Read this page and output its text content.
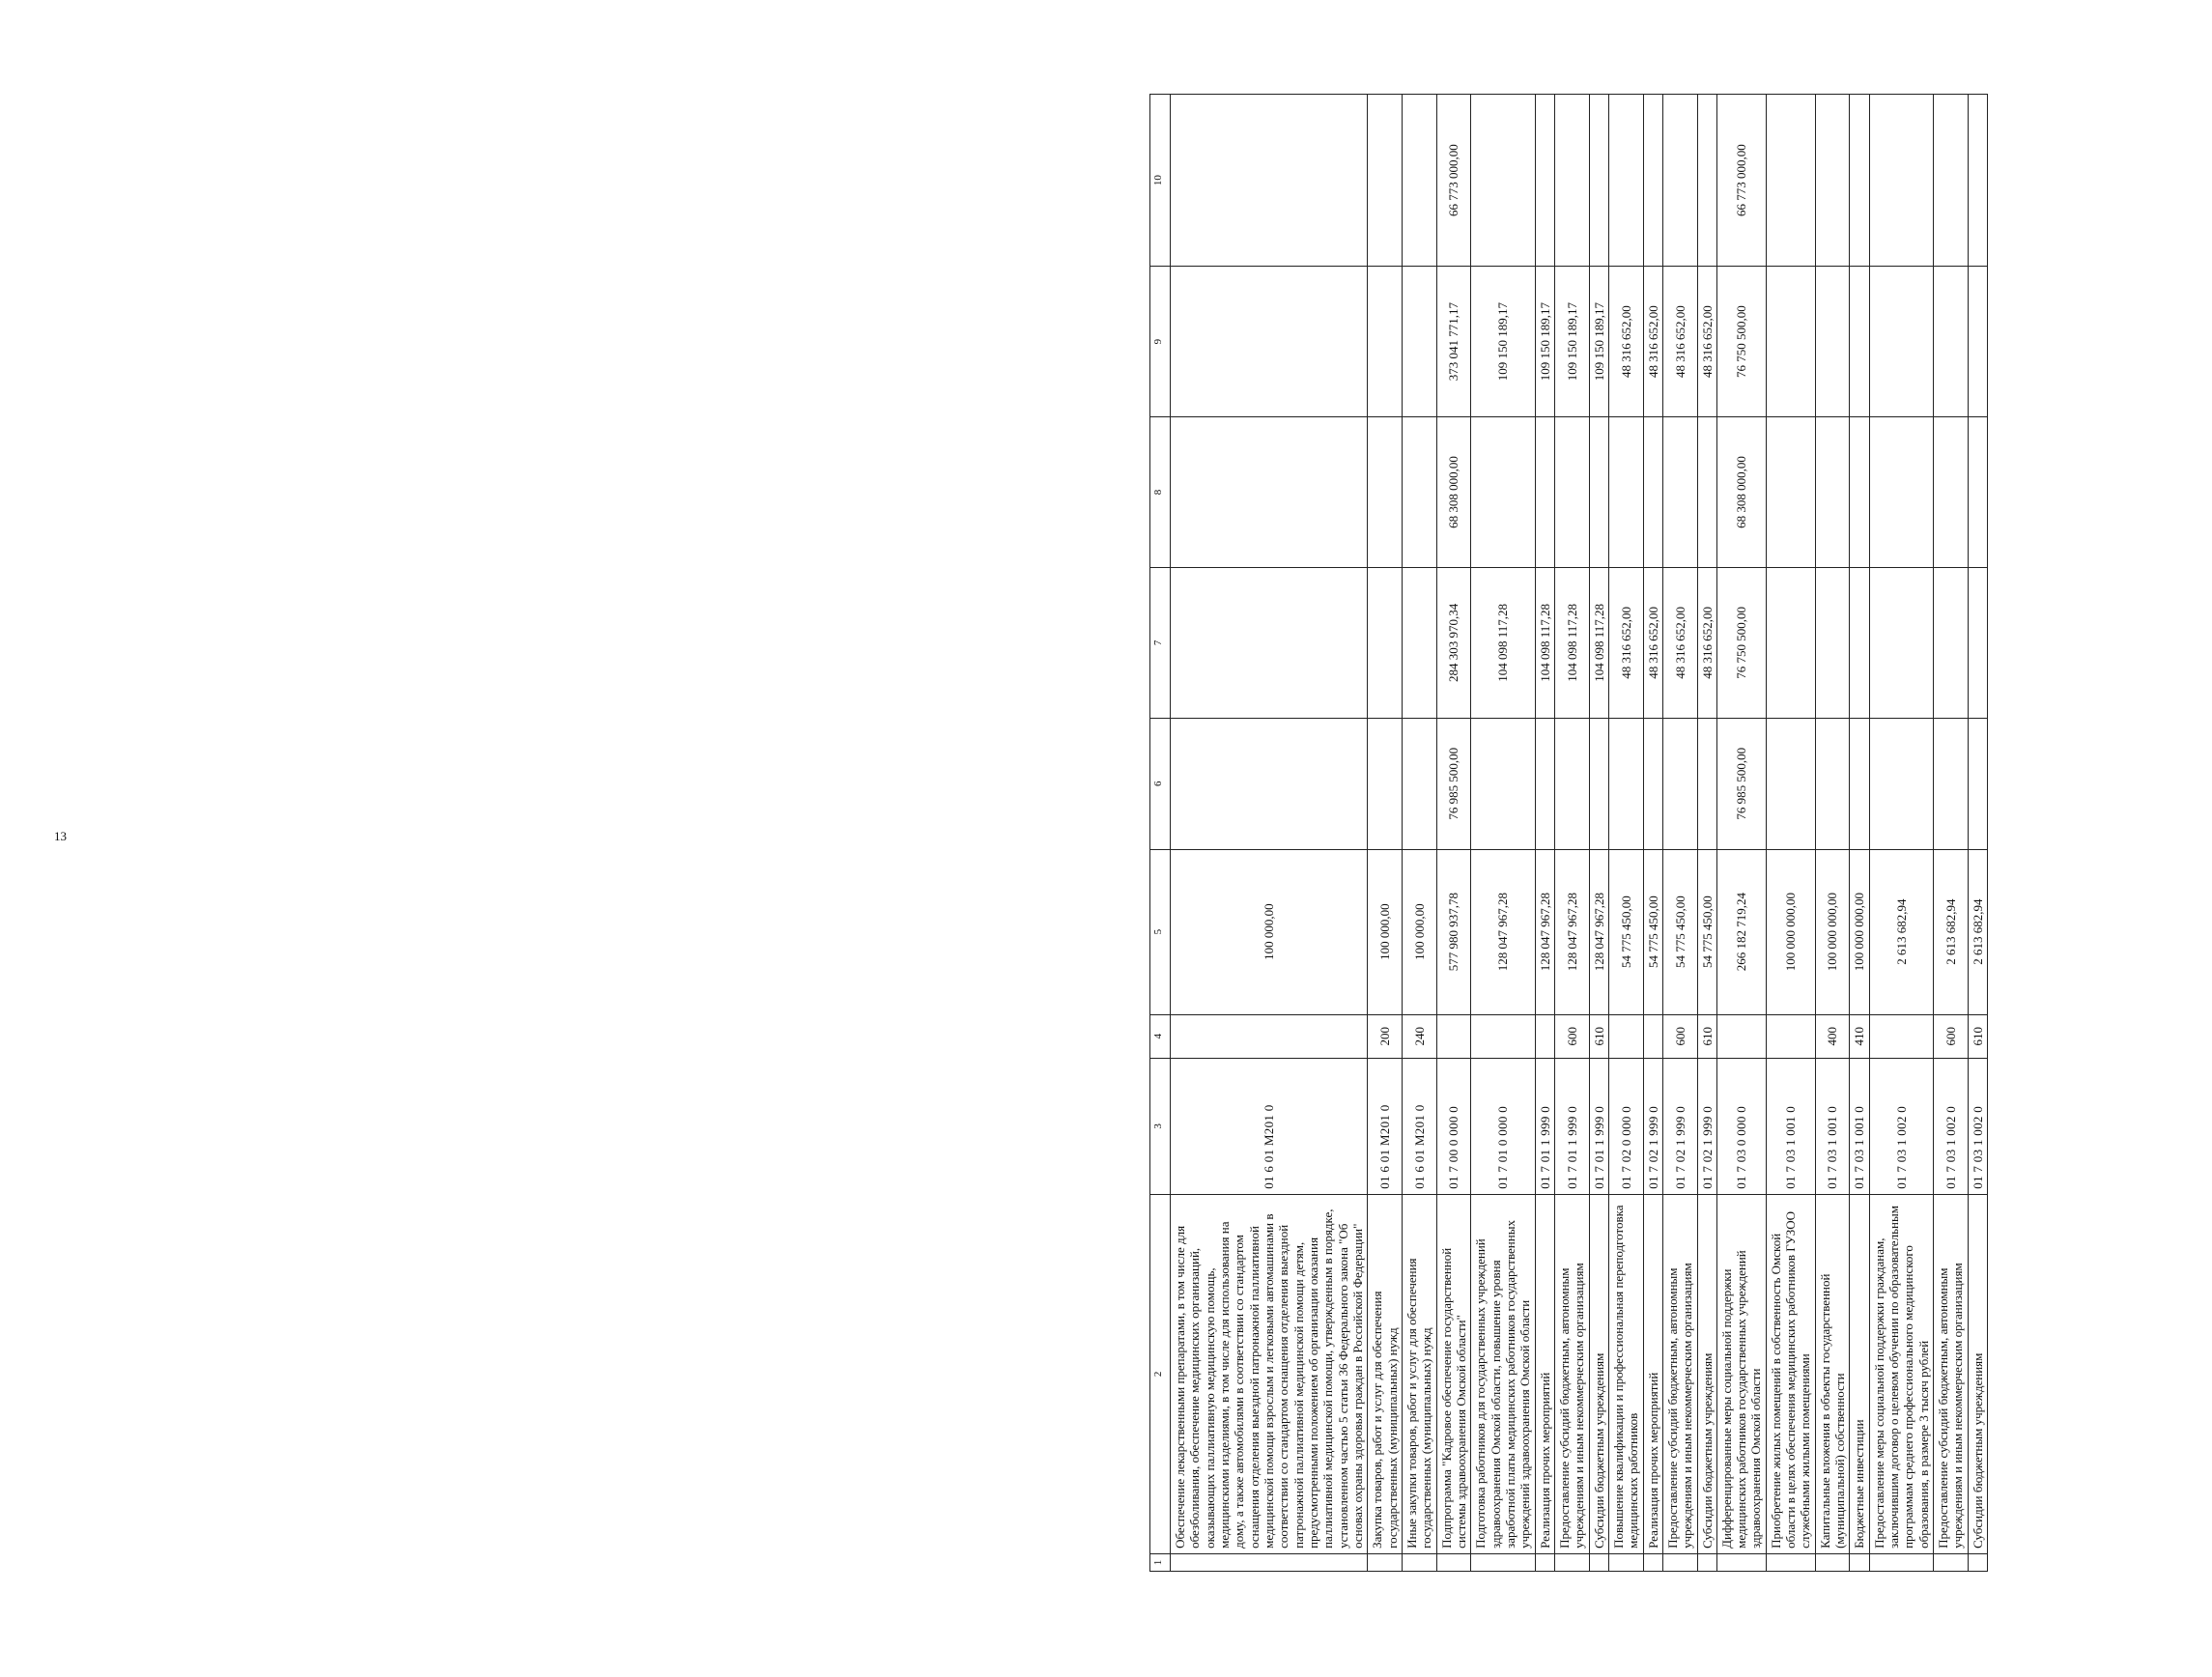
13
1	2	3	4	5	6	7	8	9	10
	Обеспечение лекарственными препаратами, в том числе для обезболивания, обеспечение медицинских организаций, оказывающих паллиативную медицинскую помощь, медицинскими изделиями, в том числе для использования на дому, а также автомобилями в соответствии со стандартом оснащения отделения выездной патронажной паллиативной медицинской помощи взрослым и легковыми автомашинами в соответствии со стандартом оснащения отделения выездной патронажной паллиативной медицинской помощи детям, предусмотренными положением об организации оказания паллиативной медицинской помощи, утвержденным в порядке, установленном частью 5 статьи 36 Федерального закона "Об основах охраны здоровья граждан в Российской Федерации"	01 6 01 M201 0		100 000,00					
	Закупка товаров, работ и услуг для обеспечения государственных (муниципальных) нужд	01 6 01 M201 0	200	100 000,00					
	Иные закупки товаров, работ и услуг для обеспечения государственных (муниципальных) нужд	01 6 01 M201 0	240	100 000,00					
	Подпрограмма "Кадровое обеспечение государственной системы здравоохранения Омской области"	01 7 00 0 000 0		577 980 937,78	76 985 500,00	284 303 970,34	68 308 000,00	373 041 771,17	66 773 000,00
	Подготовка работников для государственных учреждений здравоохранения Омской области, повышение уровня заработной платы медицинских работников государственных учреждений здравоохранения Омской области	01 7 01 0 000 0		128 047 967,28		104 098 117,28		109 150 189,17	
	Реализация прочих мероприятий	01 7 01 1 999 0		128 047 967,28		104 098 117,28		109 150 189,17	
	Предоставление субсидий бюджетным, автономным учреждениям и иным некоммерческим организациям	01 7 01 1 999 0	600	128 047 967,28		104 098 117,28		109 150 189,17	
	Субсидии бюджетным учреждениям	01 7 01 1 999 0	610	128 047 967,28		104 098 117,28		109 150 189,17	
	Повышение квалификации и профессиональная переподготовка медицинских работников	01 7 02 0 000 0		54 775 450,00		48 316 652,00		48 316 652,00	
	Реализация прочих мероприятий	01 7 02 1 999 0		54 775 450,00		48 316 652,00		48 316 652,00	
	Предоставление субсидий бюджетным, автономным учреждениям и иным некоммерческим организациям	01 7 02 1 999 0	600	54 775 450,00		48 316 652,00		48 316 652,00	
	Субсидии бюджетным учреждениям	01 7 02 1 999 0	610	54 775 450,00		48 316 652,00		48 316 652,00	
	Дифференцированные меры социальной поддержки медицинских работников государственных учреждений здравоохранения Омской области	01 7 03 0 000 0		266 182 719,24	76 985 500,00	76 750 500,00	68 308 000,00	76 750 500,00	66 773 000,00
	Приобретение жилых помещений в собственность Омской области в целях обеспечения медицинских работников ГУЗОО служебными жилыми помещениями	01 7 03 1 001 0		100 000 000,00					
	Капитальные вложения в объекты государственной (муниципальной) собственности	01 7 03 1 001 0	400	100 000 000,00					
	Бюджетные инвестиции	01 7 03 1 001 0	410	100 000 000,00					
	Предоставление меры социальной поддержки гражданам, заключившим договор о целевом обучении по образовательным программам среднего профессионального медицинского образования, в размере 3 тысяч рублей	01 7 03 1 002 0		2 613 682,94					
	Предоставление субсидий бюджетным, автономным учреждениям и иным некоммерческим организациям	01 7 03 1 002 0	600	2 613 682,94					
	Субсидии бюджетным учреждениям	01 7 03 1 002 0	610	2 613 682,94					
